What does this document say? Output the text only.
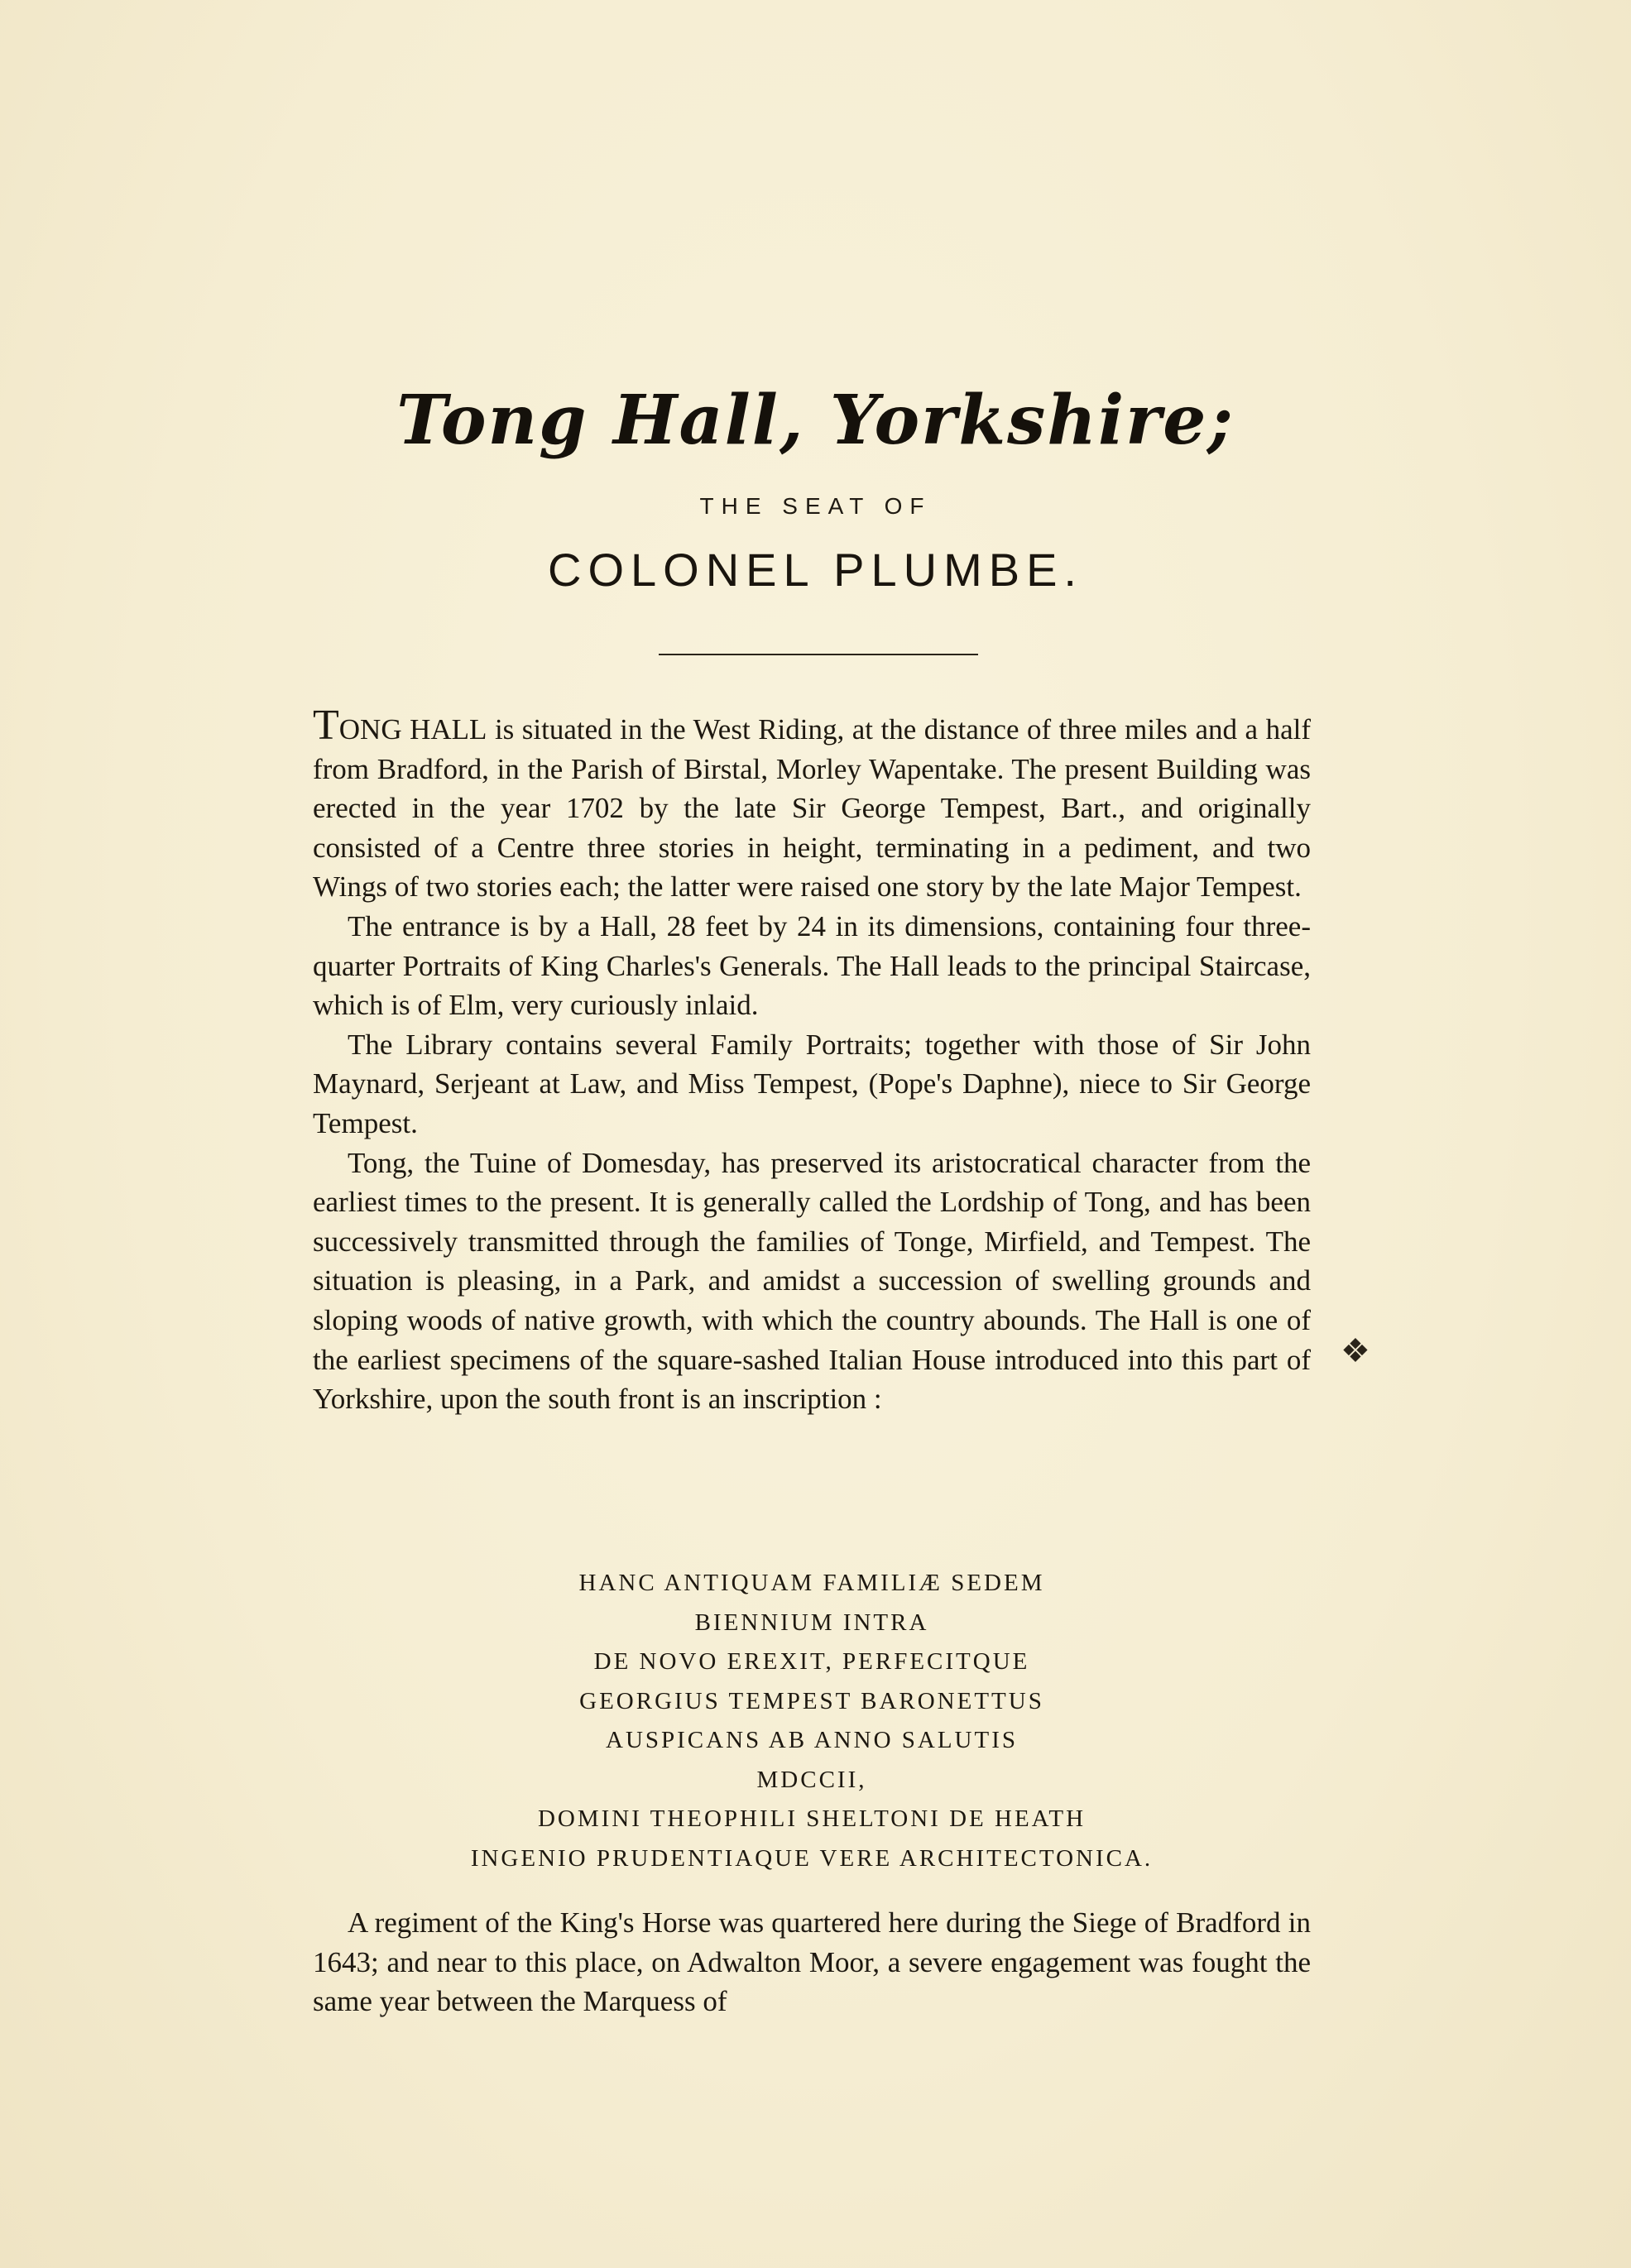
Tong Hall, Yorkshire;
THE SEAT OF
COLONEL PLUMBE.

TONG HALL is situated in the West Riding, at the distance of three miles and a half from Bradford, in the Parish of Birstal, Morley Wapentake. The present Building was erected in the year 1702 by the late Sir George Tempest, Bart., and originally consisted of a Centre three stories in height, terminating in a pediment, and two Wings of two stories each; the latter were raised one story by the late Major Tempest.

The entrance is by a Hall, 28 feet by 24 in its dimensions, containing four three-quarter Portraits of King Charles's Generals. The Hall leads to the principal Staircase, which is of Elm, very curiously inlaid.

The Library contains several Family Portraits; together with those of Sir John Maynard, Serjeant at Law, and Miss Tempest, (Pope's Daphne), niece to Sir George Tempest.

Tong, the Tuine of Domesday, has preserved its aristocratical character from the earliest times to the present. It is generally called the Lordship of Tong, and has been successively transmitted through the families of Tonge, Mirfield, and Tempest. The situation is pleasing, in a Park, and amidst a succession of swelling grounds and sloping woods of native growth, with which the country abounds. The Hall is one of the earliest specimens of the square-sashed Italian House introduced into this part of Yorkshire, upon the south front is an inscription :

HANC ANTIQUAM FAMILIÆ SEDEM
BIENNIUM INTRA
DE NOVO EREXIT, PERFECITQUE
GEORGIUS TEMPEST BARONETTUS
AUSPICANS AB ANNO SALUTIS
MDCCII,
DOMINI THEOPHILI SHELTONI DE HEATH
INGENIO PRUDENTIAQUE VERE ARCHITECTONICA.

A regiment of the King's Horse was quartered here during the Siege of Bradford in 1643; and near to this place, on Adwalton Moor, a severe engagement was fought the same year between the Marquess of

❖
